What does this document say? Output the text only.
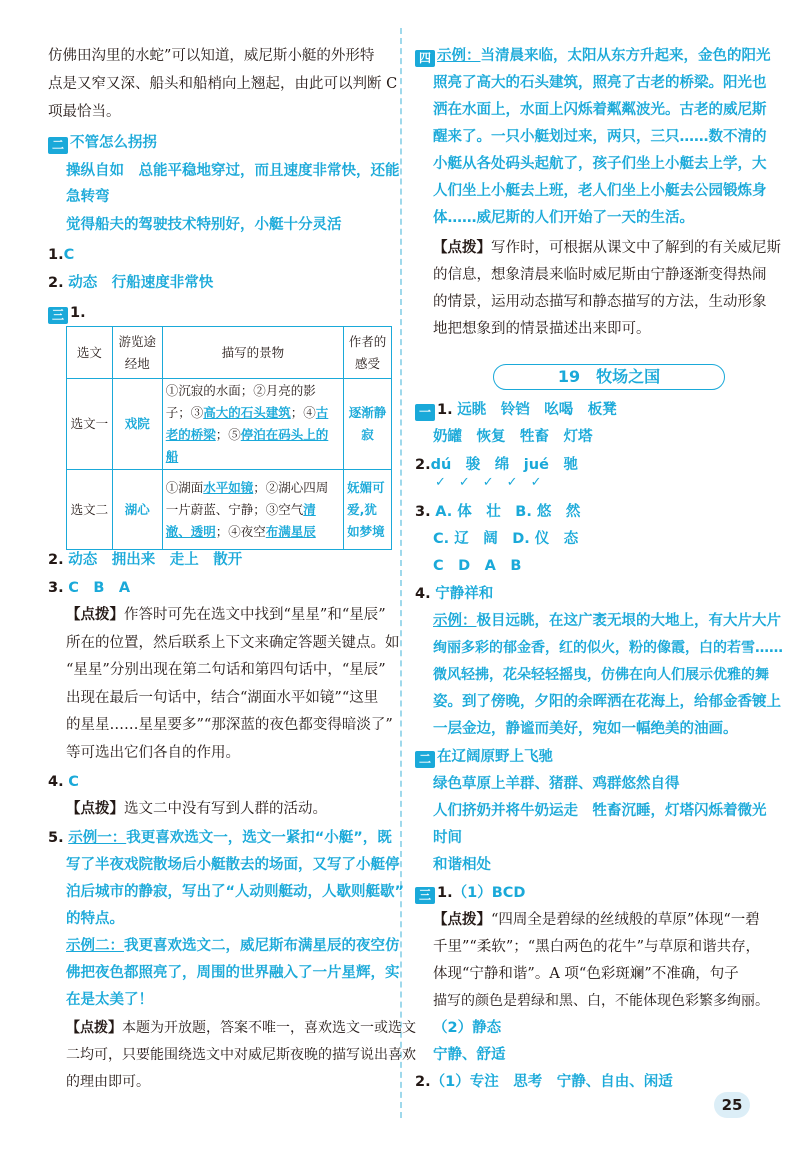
仿佛田沟里的水蛇”可以知道，威尼斯小艇的外形特
点是又窄又深、船头和船梢向上翘起，由此可以判断 C
项最恰当。
二 不管怎么拐拐
操纵自如　总能平稳地穿过，而且速度非常快，还能
急转弯
觉得船夫的驾驶技术特别好，小艇十分灵活
1.C
2. 动态　行船速度非常快
三 1.
选文	游览途经地	描写的景物	作者的感受
选文一	戏院	①沉寂的水面；②月亮的影子；③高大的石头建筑；④古老的桥梁；⑤停泊在码头上的船	逐渐静寂
选文二	湖心	①湖面水平如镜；②湖心四周一片蔚蓝、宁静；③空气清澈、透明；④夜空布满星辰	妩媚可爱,犹如梦境
2. 动态　拥出来　走上　散开
3. C　B　A
【点拨】作答时可先在选文中找到“星星”和“星辰”
所在的位置，然后联系上下文来确定答题关键点。如
“星星”分别出现在第二句话和第四句话中，“星辰”
出现在最后一句话中，结合“湖面水平如镜”“这里
的星星……星星要多”“那深蓝的夜色都变得暗淡了”
等可选出它们各自的作用。
4. C
【点拨】选文二中没有写到人群的活动。
5. 示例一：我更喜欢选文一，选文一紧扣“小艇”，既
写了半夜戏院散场后小艇散去的场面，又写了小艇停
泊后城市的静寂，写出了“人动则艇动，人歇则艇歇”
的特点。
示例二：我更喜欢选文二，威尼斯布满星辰的夜空仿
佛把夜色都照亮了，周围的世界融入了一片星辉，实
在是太美了！
【点拨】本题为开放题，答案不唯一，喜欢选文一或选文
二均可，只要能围绕选文中对威尼斯夜晚的描写说出喜欢
的理由即可。
四 示例：当清晨来临，太阳从东方升起来，金色的阳光
照亮了高大的石头建筑，照亮了古老的桥梁。阳光也
洒在水面上，水面上闪烁着粼粼波光。古老的威尼斯
醒来了。一只小艇划过来，两只，三只……数不清的
小艇从各处码头起航了，孩子们坐上小艇去上学，大
人们坐上小艇去上班，老人们坐上小艇去公园锻炼身
体……威尼斯的人们开始了一天的生活。
【点拨】写作时，可根据从课文中了解到的有关威尼斯
的信息，想象清晨来临时威尼斯由宁静逐渐变得热闹
的情景，运用动态描写和静态描写的方法，生动形象
地把想象到的情景描述出来即可。
19　牧场之国
一 1. 远眺　铃铛　吆喝　板凳
奶罐　恢复　牲畜　灯塔
2.dú　骏　绵　jué　驰
✓　✓　✓　✓　✓
3. A. 体　壮　B. 悠　然
C. 辽　阔　D. 仪　态
C　D　A　B
4. 宁静祥和
示例：极目远眺，在这广袤无垠的大地上，有大片大片
绚丽多彩的郁金香，红的似火，粉的像霞，白的若雪……
微风轻拂，花朵轻轻摇曳，仿佛在向人们展示优雅的舞
姿。到了傍晚，夕阳的余晖洒在花海上，给郁金香镀上
一层金边，静谧而美好，宛如一幅绝美的油画。
二 在辽阔原野上飞驰
绿色草原上羊群、猪群、鸡群悠然自得
人们挤奶并将牛奶运走　牲畜沉睡，灯塔闪烁着微光
时间
和谐相处
三 1.（1）BCD
【点拨】“四周全是碧绿的丝绒般的草原”体现“一碧
千里”“柔软”；“黑白两色的花牛”与草原和谐共存，
体现“宁静和谐”。A 项“色彩斑斓”不准确，句子
描写的颜色是碧绿和黑、白，不能体现色彩繁多绚丽。
（2）静态
宁静、舒适
2.（1）专注　思考　宁静、自由、闲适
25
